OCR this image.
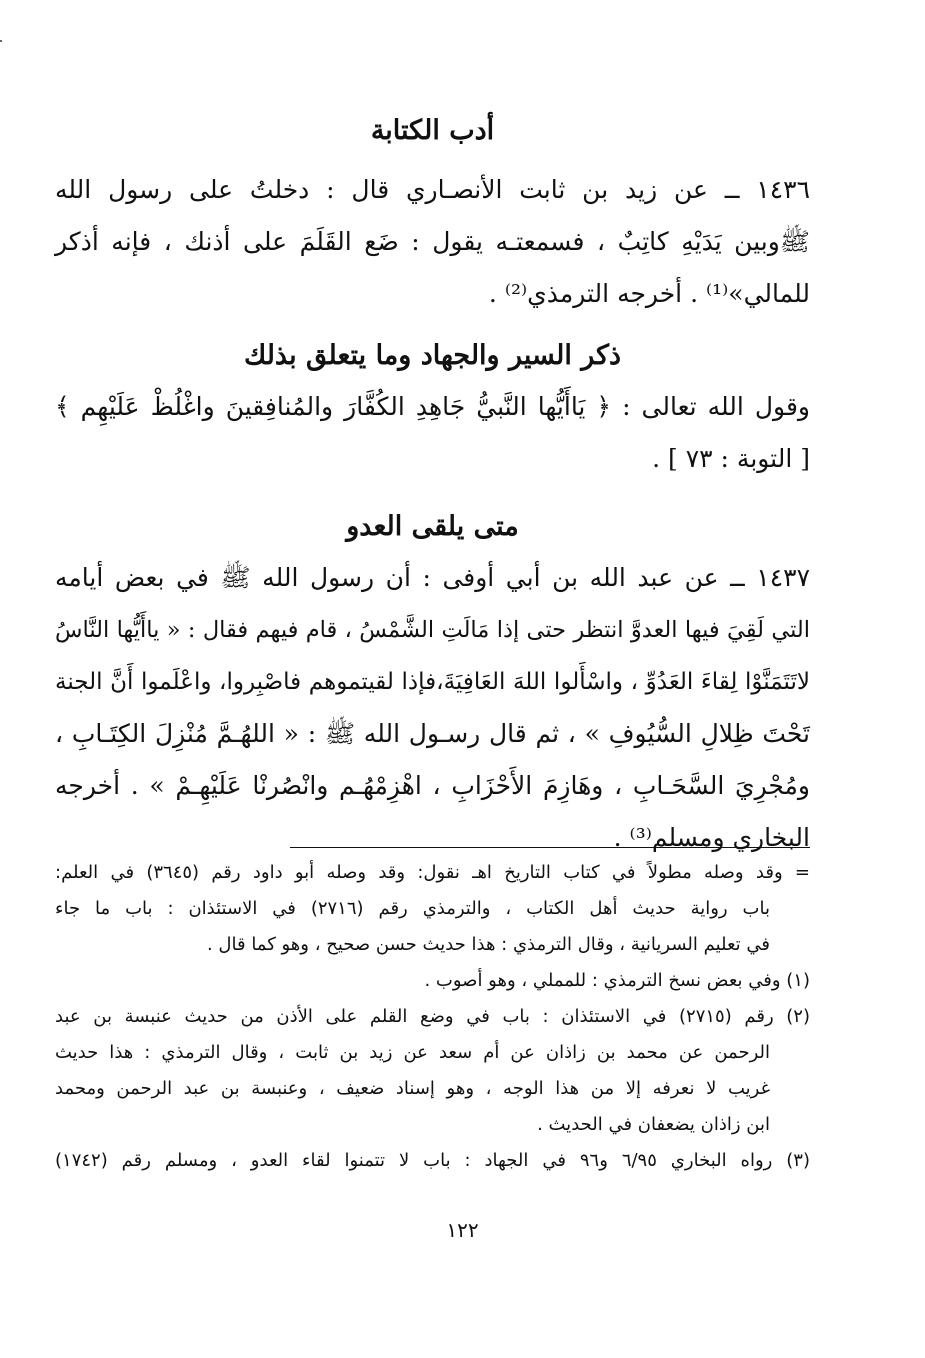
أدب الكتابة
١٤٣٦ ــ عن زيد بن ثابت الأنصـاري قال : دخلتُ على رسول الله
ﷺوبين يَدَيْهِ كاتِبٌ ، فسمعتـه يقول : ضَع القَلَمَ على أذنك ، فإنه أذكر
للمالي»⁽¹⁾ . أخرجه الترمذي⁽²⁾ .
ذكر السير والجهاد وما يتعلق بذلك
وقول الله تعالى : ﴿ يَاأَيُّها النَّبيُّ جَاهِدِ الكُفَّارَ والمُنافِقينَ واغْلُظْ عَلَيْهِم ﴾
[ التوبة : ٧٣ ] .
متى يلقى العدو
١٤٣٧ ــ عن عبد الله بن أبي أوفى : أن رسول الله ﷺ في بعض أيامه
التي لَقِيَ فيها العدوَّ انتظر حتى إذا مَالَتِ الشَّمْسُ ، قام فيهم فقال : « ياأَيُّها النَّاسُ
لاتَتَمَنَّوْا لِقاءَ العَدُوِّ ، واسْأَلوا اللهَ العَافِيَةَ،فإذا لقيتموهم فاصْبِروا، واعْلَموا أَنَّ الجنة
تَحْتَ ظِلالِ السُّيُوفِ » ، ثم قال رسـول الله ﷺ : « اللهُـمَّ مُنْزِلَ الكِتَـابِ ،
ومُجْرِيَ السَّحَـابِ ، وهَازِمَ الأَحْزَابِ ، اهْزِمْهُـم وانْصُرنْا عَلَيْهِـمْ » . أخرجه
البخاري ومسلم⁽³⁾ .
= وقد وصله مطولاً في كتاب التاريخ اهـ نقول: وقد وصله أبو داود رقم (٣٦٤٥) في العلم:
باب رواية حديث أهل الكتاب ، والترمذي رقم (٢٧١٦) في الاستئذان : باب ما جاء
في تعليم السريانية ، وقال الترمذي : هذا حديث حسن صحيح ، وهو كما قال .
(١) وفي بعض نسخ الترمذي : للمملي ، وهو أصوب .
(٢) رقم (٢٧١٥) في الاستئذان : باب في وضع القلم على الأذن من حديث عنبسة بن عبد
الرحمن عن محمد بن زاذان عن أم سعد عن زيد بن ثابت ، وقال الترمذي : هذا حديث
غريب لا نعرفه إلا من هذا الوجه ، وهو إسناد ضعيف ، وعنبسة بن عبد الرحمن ومحمد
ابن زاذان يضعفان في الحديث .
(٣) رواه البخاري ٦/٩٥ و٩٦ في الجهاد : باب لا تتمنوا لقاء العدو ، ومسلم رقم (١٧٤٢)
١٢٢
